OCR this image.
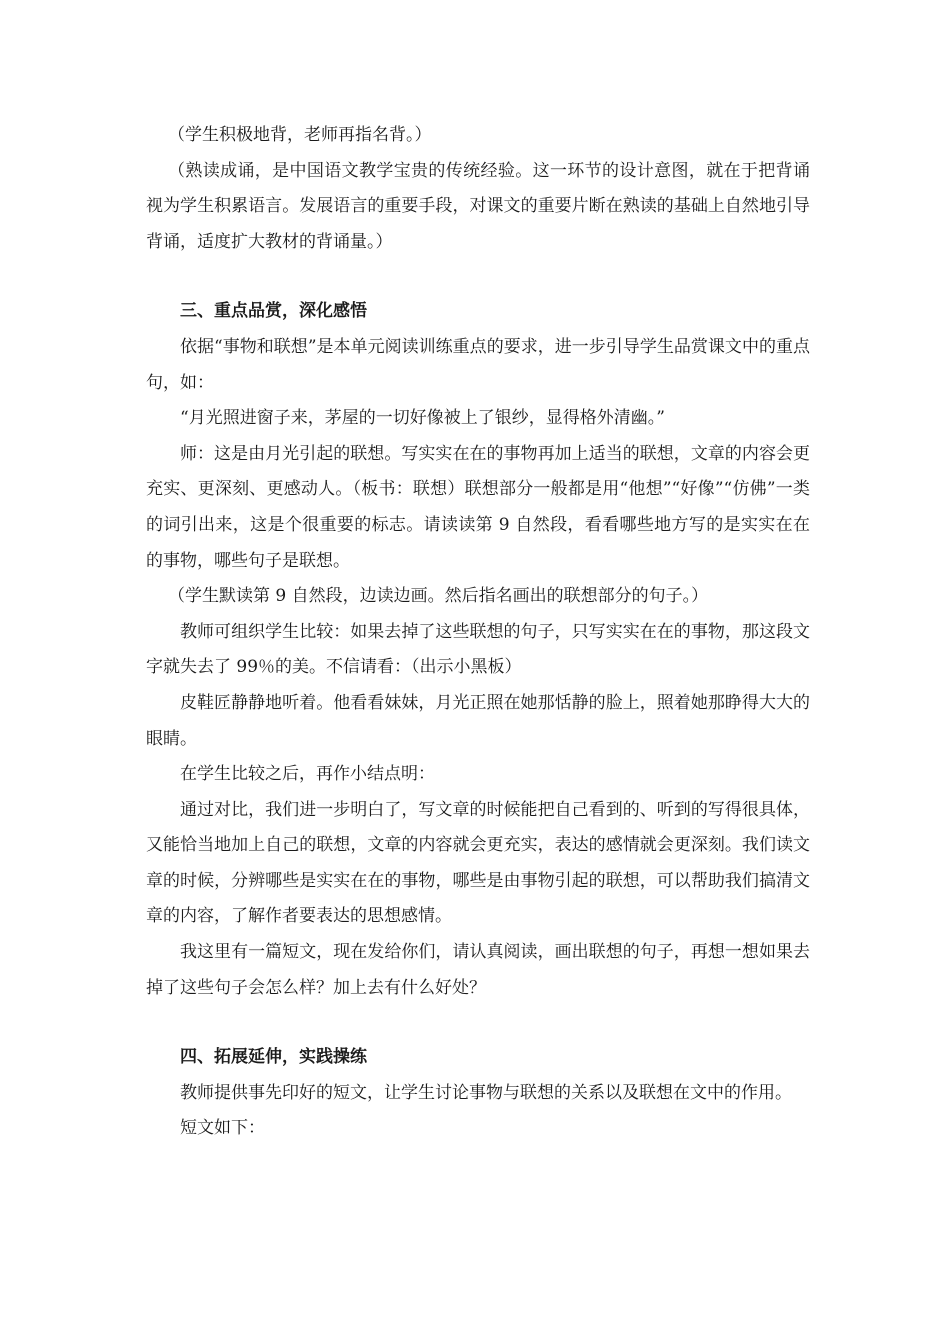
（学生积极地背，老师再指名背。）

（熟读成诵，是中国语文教学宝贵的传统经验。这一环节的设计意图，就在于把背诵视为学生积累语言。发展语言的重要手段，对课文的重要片断在熟读的基础上自然地引导背诵，适度扩大教材的背诵量。）

三、重点品赏，深化感悟

依据“事物和联想”是本单元阅读训练重点的要求，进一步引导学生品赏课文中的重点句，如：

“月光照进窗子来，茅屋的一切好像被上了银纱，显得格外清幽。”

师：这是由月光引起的联想。写实实在在的事物再加上适当的联想，文章的内容会更充实、更深刻、更感动人。（板书：联想）联想部分一般都是用“他想”“好像”“仿佛”一类的词引出来，这是个很重要的标志。请读读第 9 自然段，看看哪些地方写的是实实在在的事物，哪些句子是联想。

（学生默读第 9 自然段，边读边画。然后指名画出的联想部分的句子。）

教师可组织学生比较：如果去掉了这些联想的句子，只写实实在在的事物，那这段文字就失去了 99％的美。不信请看：（出示小黑板）

皮鞋匠静静地听着。他看看妹妹，月光正照在她那恬静的脸上，照着她那睁得大大的眼睛。

在学生比较之后，再作小结点明：

通过对比，我们进一步明白了，写文章的时候能把自己看到的、听到的写得很具体，又能恰当地加上自己的联想，文章的内容就会更充实，表达的感情就会更深刻。我们读文章的时候，分辨哪些是实实在在的事物，哪些是由事物引起的联想，可以帮助我们搞清文章的内容，了解作者要表达的思想感情。

我这里有一篇短文，现在发给你们，请认真阅读，画出联想的句子，再想一想如果去掉了这些句子会怎么样？加上去有什么好处？

四、拓展延伸，实践操练

教师提供事先印好的短文，让学生讨论事物与联想的关系以及联想在文中的作用。

短文如下：
